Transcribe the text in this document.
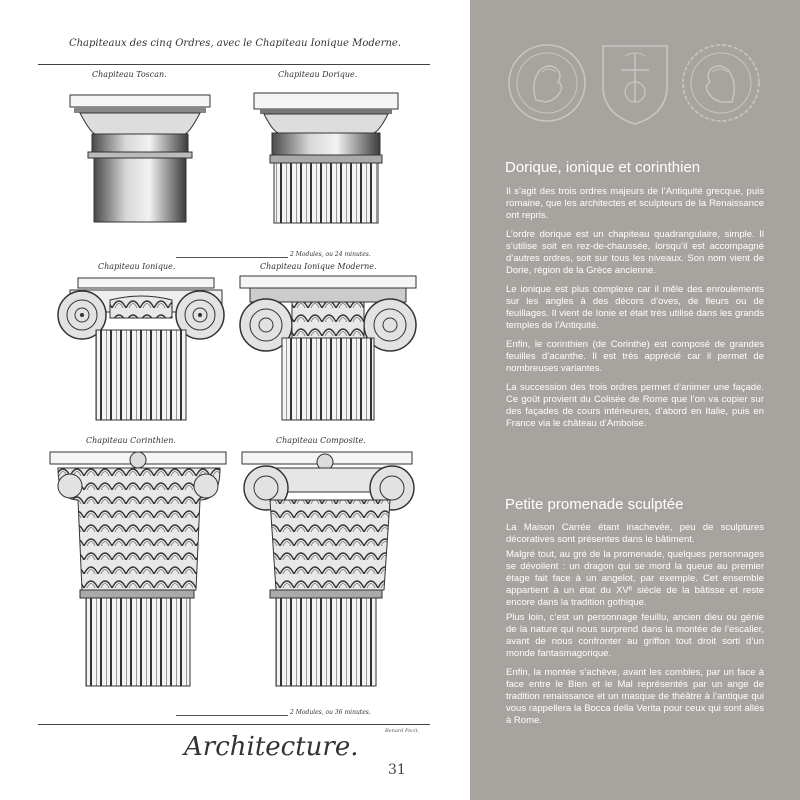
Chapiteaux des cinq Ordres, avec le Chapiteau Ionique Moderne.
Chapiteau Toscan.	Chapiteau Dorique.
Chapiteau Ionique.	Chapiteau Ionique Moderne.
Chapiteau Corinthien.	Chapiteau Composite.
2 Modules, ou 24 minutes.
2 Modules, ou 36 minutes.
Benard Fecit.
Architecture.
31
Dorique, ionique et corinthien

Il s’agit des trois ordres majeurs de l’Antiquité grecque, puis romaine, que les architectes et sculpteurs de la Renaissance ont repris.

L’ordre dorique est un chapiteau quadrangulaire, simple. Il s’utilise soit en rez-de-chaussée, lorsqu’il est accompagné d’autres ordres, soit sur tous les niveaux. Son nom vient de Dorie, région de la Grèce ancienne.

Le ionique est plus complexe car il mêle des enroulements sur les angles à des décors d’oves, de fleurs ou de feuillages. Il vient de Ionie et était très utilisé dans les grands temples de l’Antiquité.

Enfin, le corinthien (de Corinthe) est composé de grandes feuilles d’acanthe. Il est très apprécié car il permet de nombreuses variantes.

La succession des trois ordres permet d’animer une façade. Ce goût provient du Colisée de Rome que l’on va copier sur des façades de cours intérieures, d’abord en Italie, puis en France via le château d’Amboise.

Petite promenade sculptée

La Maison Carrée étant inachevée, peu de sculptures décoratives sont présentes dans le bâtiment.

Malgré tout, au gré de la promenade, quelques personnages se dévoilent : un dragon qui se mord la queue au premier étage fait face à un angelot, par exemple. Cet ensemble appartient à un état du XVᴵᴵ siècle de la bâtisse et reste encore dans la tradition gothique.

Plus loin, c’est un personnage feuillu, ancien dieu ou génie de la nature qui nous surprend dans la montée de l’escalier, avant de nous confronter au griffon tout droit sorti d’un monde fantasmagorique.

Enfin, la montée s’achève, avant les combles, par un face à face entre le Bien et le Mal représentés par un ange de tradition renaissance et un masque de théâtre à l’antique qui vous rappellera la Bocca della Verita pour ceux qui sont allés à Rome.
